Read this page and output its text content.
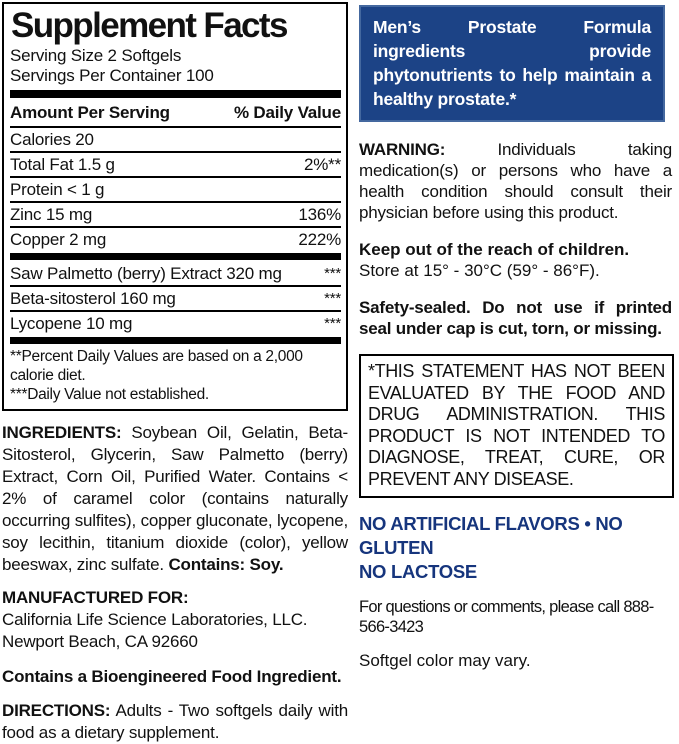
Supplement Facts
Serving Size 2 Softgels
Servings Per Container 100
Amount Per Serving	% Daily Value
Calories 20
Total Fat 1.5 g	2%**
Protein < 1 g
Zinc 15 mg	136%
Copper 2 mg	222%
Saw Palmetto (berry) Extract 320 mg	***
Beta-sitosterol 160 mg	***
Lycopene 10 mg	***
**Percent Daily Values are based on a 2,000 calorie diet.
***Daily Value not established.

INGREDIENTS: Soybean Oil, Gelatin, Beta-Sitosterol, Glycerin, Saw Palmetto (berry) Extract, Corn Oil, Purified Water. Contains < 2% of caramel color (contains naturally occurring sulfites), copper gluconate, lycopene, soy lecithin, titanium dioxide (color), yellow beeswax, zinc sulfate. Contains: Soy.

MANUFACTURED FOR:
California Life Science Laboratories, LLC.
Newport Beach, CA 92660
Contains a Bioengineered Food Ingredient.

DIRECTIONS: Adults - Two softgels daily with food as a dietary supplement.

Men’s Prostate Formula ingredients provide phytonutrients to help maintain a healthy prostate.*

WARNING: Individuals taking medication(s) or persons who have a health condition should consult their physician before using this product.

Keep out of the reach of children.
Store at 15° - 30°C (59° - 86°F).

Safety-sealed. Do not use if printed seal under cap is cut, torn, or missing.

*THIS STATEMENT HAS NOT BEEN EVALUATED BY THE FOOD AND DRUG ADMINISTRATION. THIS PRODUCT IS NOT INTENDED TO DIAGNOSE, TREAT, CURE, OR PREVENT ANY DISEASE.
NO ARTIFICIAL FLAVORS • NO GLUTEN
NO LACTOSE
For questions or comments, please call 888-566-3423
Softgel color may vary.
